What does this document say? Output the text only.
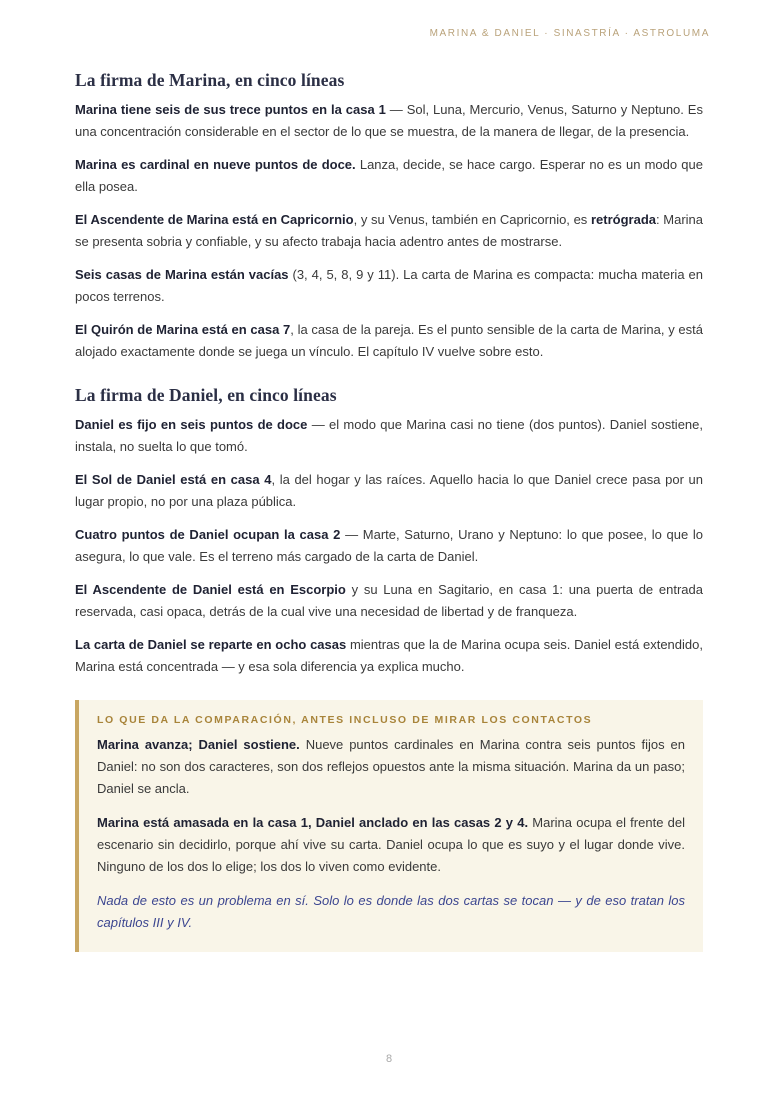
MARINA & DANIEL · SINASTRÍA · ASTROLUMA
La firma de Marina, en cinco líneas

Marina tiene seis de sus trece puntos en la casa 1 — Sol, Luna, Mercurio, Venus, Saturno y Neptuno. Es una concentración considerable en el sector de lo que se muestra, de la manera de llegar, de la presencia.

Marina es cardinal en nueve puntos de doce. Lanza, decide, se hace cargo. Esperar no es un modo que ella posea.

El Ascendente de Marina está en Capricornio, y su Venus, también en Capricornio, es retrógrada: Marina se presenta sobria y confiable, y su afecto trabaja hacia adentro antes de mostrarse.

Seis casas de Marina están vacías (3, 4, 5, 8, 9 y 11). La carta de Marina es compacta: mucha materia en pocos terrenos.

El Quirón de Marina está en casa 7, la casa de la pareja. Es el punto sensible de la carta de Marina, y está alojado exactamente donde se juega un vínculo. El capítulo IV vuelve sobre esto.

La firma de Daniel, en cinco líneas

Daniel es fijo en seis puntos de doce — el modo que Marina casi no tiene (dos puntos). Daniel sostiene, instala, no suelta lo que tomó.

El Sol de Daniel está en casa 4, la del hogar y las raíces. Aquello hacia lo que Daniel crece pasa por un lugar propio, no por una plaza pública.

Cuatro puntos de Daniel ocupan la casa 2 — Marte, Saturno, Urano y Neptuno: lo que posee, lo que lo asegura, lo que vale. Es el terreno más cargado de la carta de Daniel.

El Ascendente de Daniel está en Escorpio y su Luna en Sagitario, en casa 1: una puerta de entrada reservada, casi opaca, detrás de la cual vive una necesidad de libertad y de franqueza.

La carta de Daniel se reparte en ocho casas mientras que la de Marina ocupa seis. Daniel está extendido, Marina está concentrada — y esa sola diferencia ya explica mucho.

LO QUE DA LA COMPARACIÓN, ANTES INCLUSO DE MIRAR LOS CONTACTOS

Marina avanza; Daniel sostiene. Nueve puntos cardinales en Marina contra seis puntos fijos en Daniel: no son dos caracteres, son dos reflejos opuestos ante la misma situación. Marina da un paso; Daniel se ancla.

Marina está amasada en la casa 1, Daniel anclado en las casas 2 y 4. Marina ocupa el frente del escenario sin decidirlo, porque ahí vive su carta. Daniel ocupa lo que es suyo y el lugar donde vive. Ninguno de los dos lo elige; los dos lo viven como evidente.

Nada de esto es un problema en sí. Solo lo es donde las dos cartas se tocan — y de eso tratan los capítulos III y IV.

8
